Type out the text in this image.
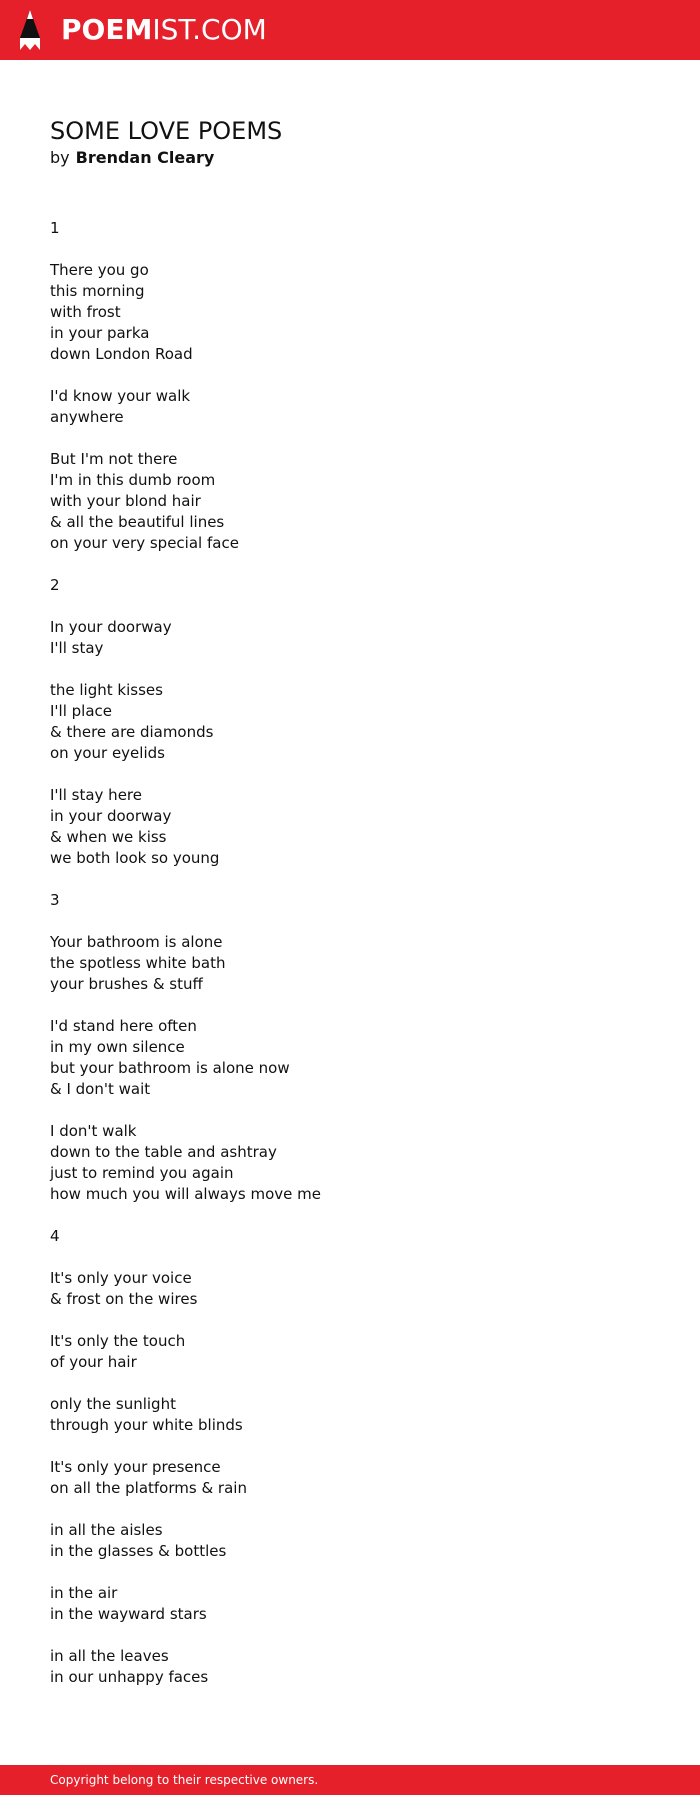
POEMIST.COM
SOME LOVE POEMS
by Brendan Cleary
1
There you go
this morning
with frost
in your parka
down London Road
I'd know your walk
anywhere
But I'm not there
I'm in this dumb room
with your blond hair
& all the beautiful lines
on your very special face
2
In your doorway
I'll stay
the light kisses
I'll place
& there are diamonds
on your eyelids
I'll stay here
in your doorway
& when we kiss
we both look so young
3
Your bathroom is alone
the spotless white bath
your brushes & stuff
I'd stand here often
in my own silence
but your bathroom is alone now
& I don't wait
I don't walk
down to the table and ashtray
just to remind you again
how much you will always move me
4
It's only your voice
& frost on the wires
It's only the touch
of your hair
only the sunlight
through your white blinds
It's only your presence
on all the platforms & rain
in all the aisles
in the glasses & bottles
in the air
in the wayward stars
in all the leaves
in our unhappy faces
Copyright belong to their respective owners.
